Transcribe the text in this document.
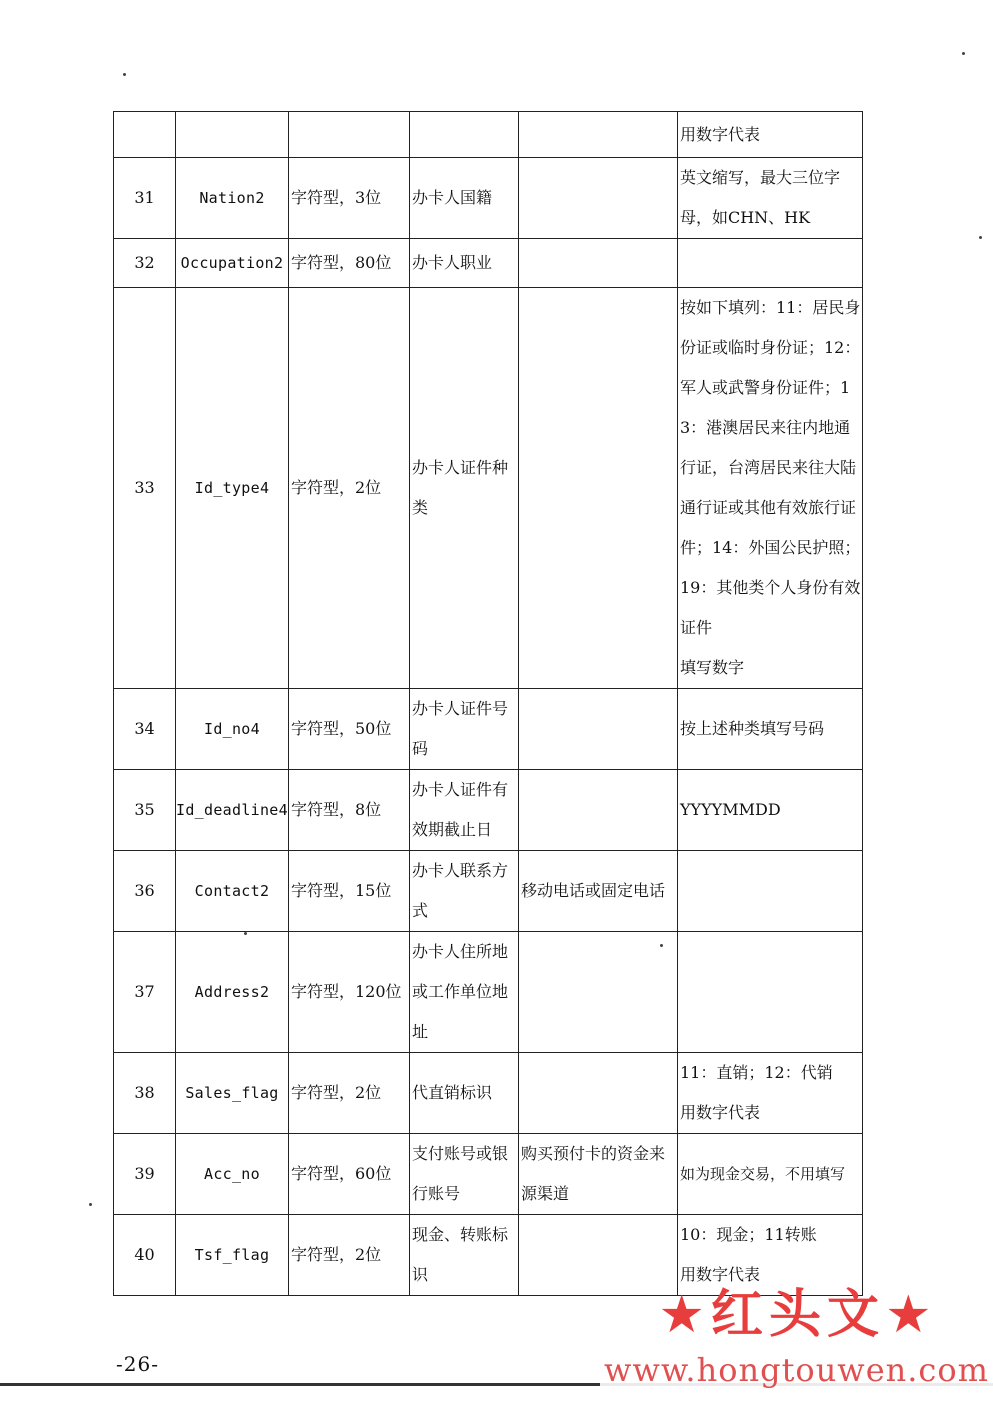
					用数字代表
31	Nation2	字符型，3位	办卡人国籍		英文缩写，最大三位字母，如CHN、HK
32	Occupation2	字符型，80位	办卡人职业		
33	Id_type4	字符型，2位	办卡人证件种类		按如下填列：11：居民身份证或临时身份证；12：军人或武警身份证件；13：港澳居民来往内地通行证，台湾居民来往大陆通行证或其他有效旅行证件；14：外国公民护照；19：其他类个人身份有效证件
填写数字
34	Id_no4	字符型，50位	办卡人证件号码		按上述种类填写号码
35	Id_deadline4	字符型，8位	办卡人证件有效期截止日		YYYYMMDD
36	Contact2	字符型，15位	办卡人联系方式	移动电话或固定电话	
37	Address2	字符型，120位	办卡人住所地或工作单位地址		
38	Sales_flag	字符型，2位	代直销标识		11：直销；12：代销
用数字代表
39	Acc_no	字符型，60位	支付账号或银行账号	购买预付卡的资金来源渠道	如为现金交易，不用填写
40	Tsf_flag	字符型，2位	现金、转账标识		10：现金；11转账
用数字代表
-26-
★红头文★
www.hongtouwen.com
